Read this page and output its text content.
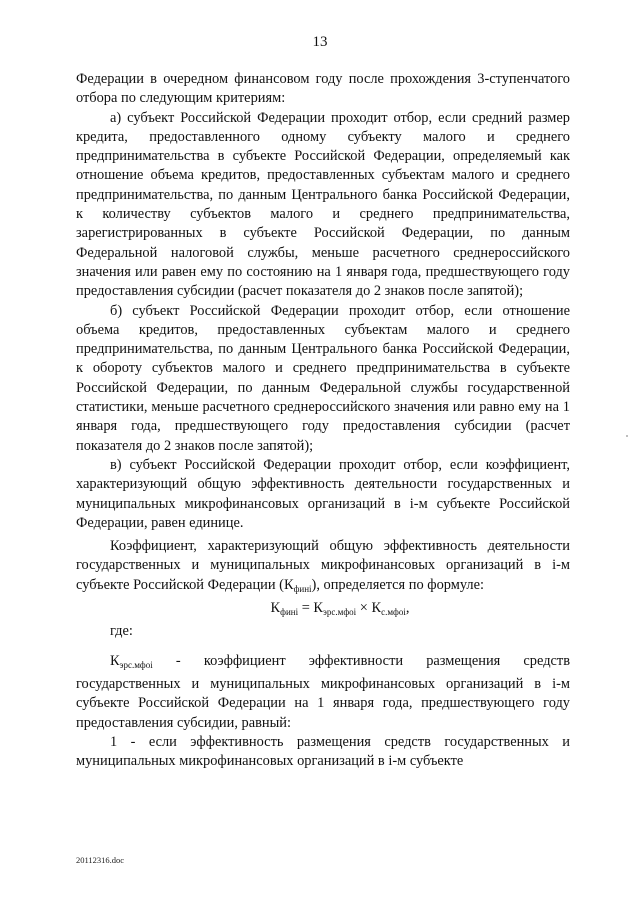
13

Федерации в очередном финансовом году после прохождения 3-ступенчатого отбора по следующим критериям:

а) субъект Российской Федерации проходит отбор, если средний размер кредита, предоставленного одному субъекту малого и среднего предпринимательства в субъекте Российской Федерации, определяемый как отношение объема кредитов, предоставленных субъектам малого и среднего предпринимательства, по данным Центрального банка Российской Федерации, к количеству субъектов малого и среднего предпринимательства, зарегистрированных в субъекте Российской Федерации, по данным Федеральной налоговой службы, меньше расчетного среднероссийского значения или равен ему по состоянию на 1 января года, предшествующего году предоставления субсидии (расчет показателя до 2 знаков после запятой);

б) субъект Российской Федерации проходит отбор, если отношение объема кредитов, предоставленных субъектам малого и среднего предпринимательства, по данным Центрального банка Российской Федерации, к обороту субъектов малого и среднего предпринимательства в субъекте Российской Федерации, по данным Федеральной службы государственной статистики, меньше расчетного среднероссийского значения или равно ему на 1 января года, предшествующего году предоставления субсидии (расчет показателя до 2 знаков после запятой);

в) субъект Российской Федерации проходит отбор, если коэффициент, характеризующий общую эффективность деятельности государственных и муниципальных микрофинансовых организаций в i-м субъекте Российской Федерации, равен единице.

Коэффициент, характеризующий общую эффективность деятельности государственных и муниципальных микрофинансовых организаций в i-м субъекте Российской Федерации $(К_{фині})$, определяется по формуле:

$К_{фині} = К_{эрс.мфоі} \times К_{с.мфоі}$,

где:

$К_{эрс.мфоі}$ - коэффициент эффективности размещения средств государственных и муниципальных микрофинансовых организаций в i-м субъекте Российской Федерации на 1 января года, предшествующего году предоставления субсидии, равный:

1 - если эффективность размещения средств государственных и муниципальных микрофинансовых организаций в i-м субъекте

20112316.doc
